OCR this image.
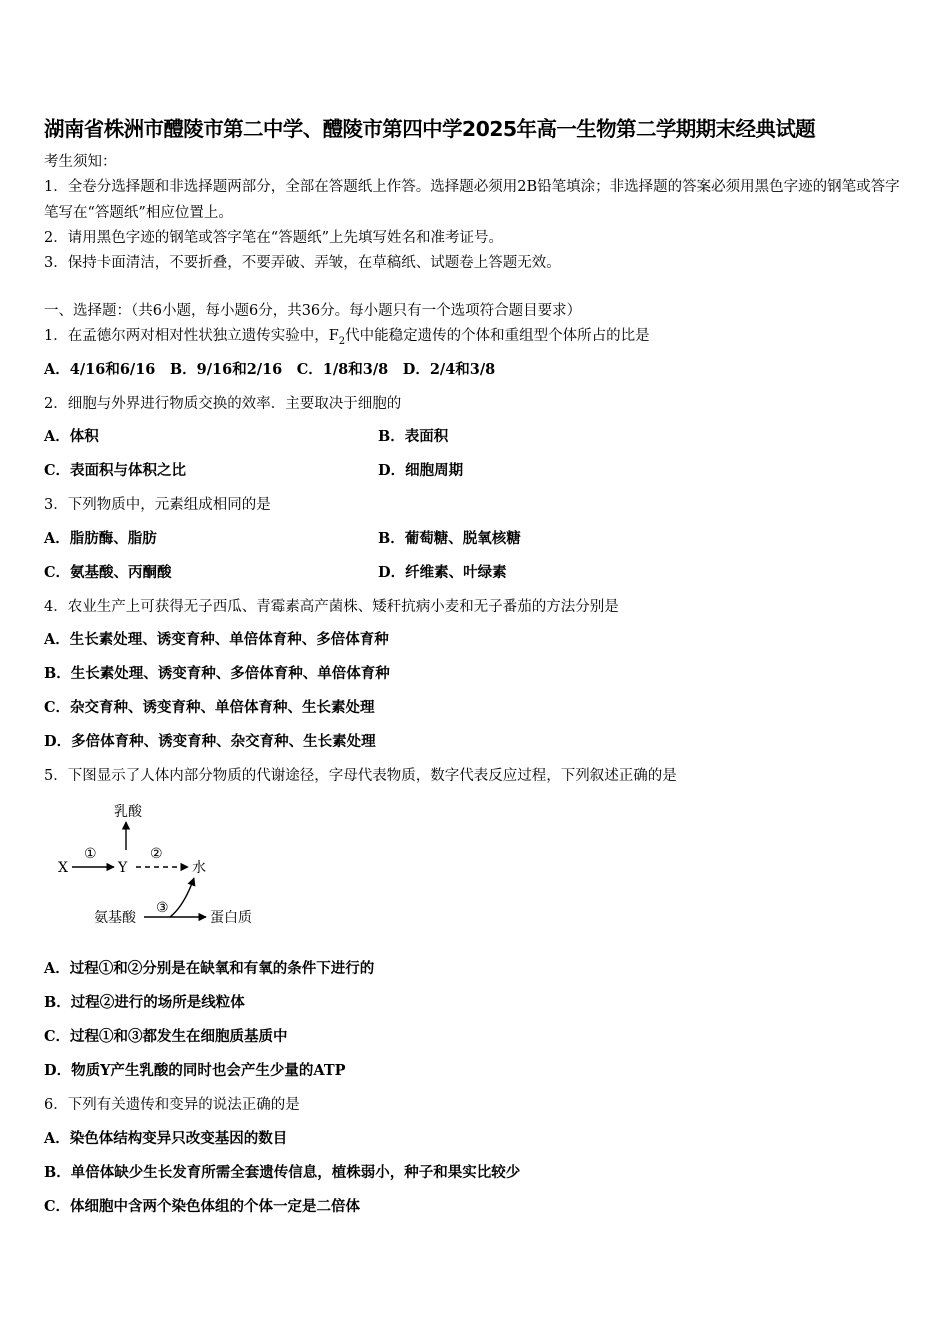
湖南省株洲市醴陵市第二中学、醴陵市第四中学2025年高一生物第二学期期末经典试题
考生须知：
1．全卷分选择题和非选择题两部分，全部在答题纸上作答。选择题必须用2B铅笔填涂；非选择题的答案必须用黑色字迹的钢笔或答字笔写在“答题纸”相应位置上。
2．请用黑色字迹的钢笔或答字笔在“答题纸”上先填写姓名和准考证号。
3．保持卡面清洁，不要折叠，不要弄破、弄皱，在草稿纸、试题卷上答题无效。
一、选择题：（共6小题，每小题6分，共36分。每小题只有一个选项符合题目要求）
1．在孟德尔两对相对性状独立遗传实验中，$F_2$代中能稳定遗传的个体和重组型个体所占的比是
A．4/16和6/16　B．9/16和2/16　C．1/8和3/8　D．2/4和3/8
2．细胞与外界进行物质交换的效率．主要取决于细胞的
A．体积	B．表面积
C．表面积与体积之比	D．细胞周期
3．下列物质中，元素组成相同的是
A．脂肪酶、脂肪	B．葡萄糖、脱氧核糖
C．氨基酸、丙酮酸	D．纤维素、叶绿素
4．农业生产上可获得无子西瓜、青霉素高产菌株、矮秆抗病小麦和无子番茄的方法分别是
A．生长素处理、诱变育种、单倍体育种、多倍体育种
B．生长素处理、诱变育种、多倍体育种、单倍体育种
C．杂交育种、诱变育种、单倍体育种、生长素处理
D．多倍体育种、诱变育种、杂交育种、生长素处理
5．下图显示了人体内部分物质的代谢途径，字母代表物质，数字代表反应过程，下列叙述正确的是
乳酸
X
①
Y
②
水
氨基酸
③
蛋白质
A．过程①和②分别是在缺氧和有氧的条件下进行的
B．过程②进行的场所是线粒体
C．过程①和③都发生在细胞质基质中
D．物质Y产生乳酸的同时也会产生少量的ATP
6．下列有关遗传和变异的说法正确的是
A．染色体结构变异只改变基因的数目
B．单倍体缺少生长发育所需全套遗传信息，植株弱小，种子和果实比较少
C．体细胞中含两个染色体组的个体一定是二倍体
